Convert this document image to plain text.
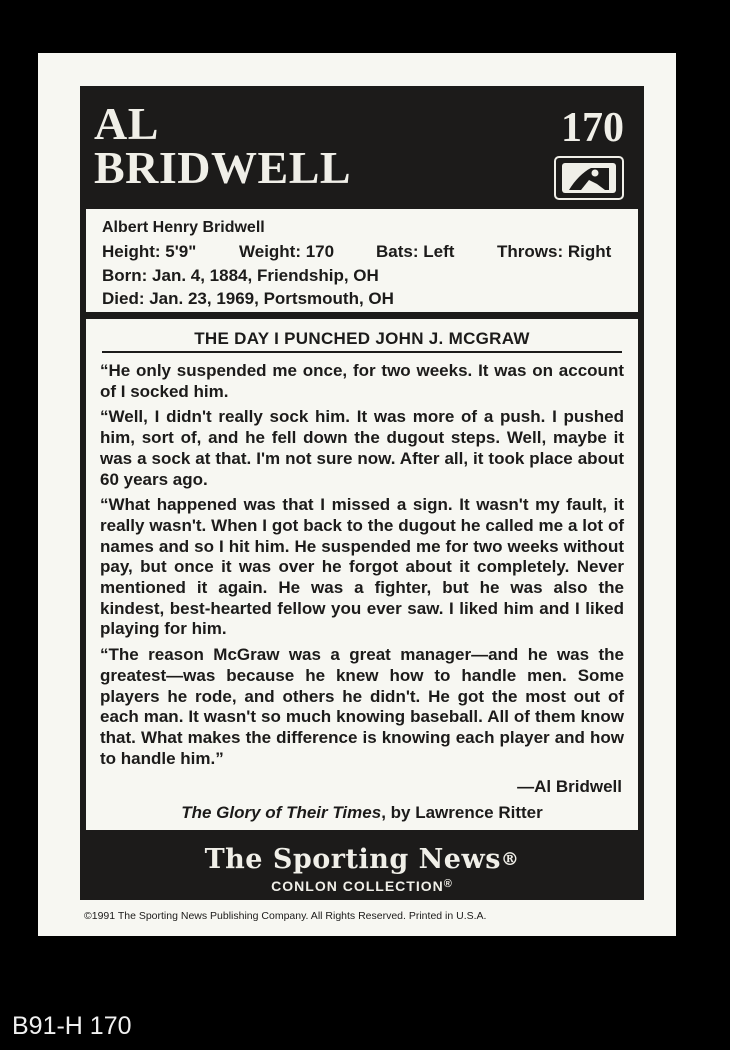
AL
BRIDWELL
170
Albert Henry Bridwell
Height: 5'9"	Weight: 170	Bats: Left	Throws: Right
Born: Jan. 4, 1884, Friendship, OH
Died: Jan. 23, 1969, Portsmouth, OH
THE DAY I PUNCHED JOHN J. MCGRAW

“He only suspended me once, for two weeks. It was on account of I socked him.

“Well, I didn't really sock him. It was more of a push. I pushed him, sort of, and he fell down the dugout steps. Well, maybe it was a sock at that. I'm not sure now. After all, it took place about 60 years ago.

“What happened was that I missed a sign. It wasn't my fault, it really wasn't. When I got back to the dugout he called me a lot of names and so I hit him. He suspended me for two weeks without pay, but once it was over he forgot about it completely. Never mentioned it again. He was a fighter, but he was also the kindest, best-hearted fellow you ever saw. I liked him and I liked playing for him.

“The reason McGraw was a great manager—and he was the greatest—was because he knew how to handle men. Some players he rode, and others he didn't. He got the most out of each man. It wasn't so much knowing baseball. All of them know that. What makes the difference is knowing each player and how to handle him.”

—Al Bridwell
The Glory of Their Times, by Lawrence Ritter
The Sporting News®
CONLON COLLECTION®
©1991 The Sporting News Publishing Company. All Rights Reserved. Printed in U.S.A.
B91-H 170
